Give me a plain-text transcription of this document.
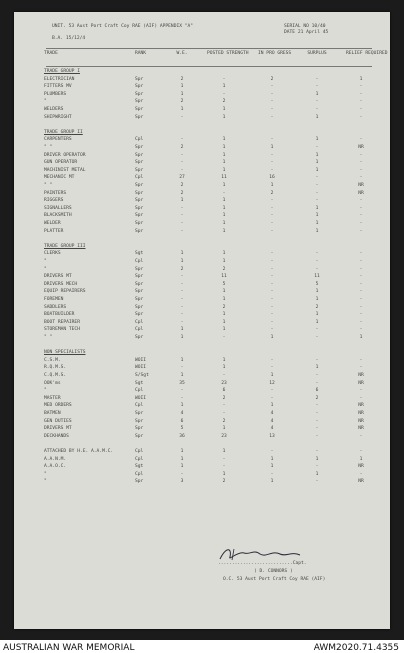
UNIT. 53 Aust Port Craft Coy RAE (AIF) APPENDIX "A"	SERIAL NO 10/40
DATE 21 April 45
B.A. 15/12/4
TRADE	RANK	W.E.	POSTED STRENGTH IN PRO GRESS	SURPLUS	RELIEF REQUIRED
TRADE GROUP I
ELECTRICIAN	Spr	2	-	2	-	1
FITTERS MV	Spr	1	1	-	-	-
PLUMBERS	Spr	1	-	-	1	-
"	Spr	2	2	-	-	-
WELDERS	Spr	1	1	-	-	-
SHIPWRIGHT	Spr	-	1	-	1	-
TRADE GROUP II
CARPENTERS	Cpl	-	1	-	1	-
" "	Spr	2	1	1	-	NR
DRIVER OPERATOR	Spr	-	1	-	1	-
GUN OPERATOR	Spr	-	1	-	1	-
MACHINIST METAL	Spr	-	1	-	1	-
MECHANIC MT	Cpl	27	11	16	-	-
" "	Spr	2	1	1	-	NR
PAINTERS	Spr	2	-	2	-	NR
RIGGERS	Spr	1	1	-	-	-
SIGNALLERS	Spr	-	1	-	1	-
BLACKSMITH	Spr	-	1	-	1	-
WELDER	Spr	-	1	-	1	-
PLATTER	Spr	-	1	-	1	-
TRADE GROUP III
CLERKS	Sgt	1	1	-	-	-
"	Cpl	1	1	-	-	-
"	Spr	2	2	-	-	-
DRIVERS MT	Spr	-	11	-	11	-
DRIVERS MECH	Spr	-	5	-	5	-
EQUIP REPAIRERS	Spr	-	1	-	1	-
FOREMEN	Spr	-	1	-	1	-
SADDLERS	Spr	-	2	-	2	-
BOATBUILDER	Spr	-	1	-	1	-
BOOT REPAIRER	Cpl	-	1	-	1	-
STOREMAN TECH	Cpl	1	1	-	-	-
" "	Spr	1	-	1	-	1
NON SPECIALISTS
C.S.M.	WOII	1	1	-	-	-
R.Q.M.S.	WOII	-	1	-	1	-
C.Q.M.S.	S/Sgt	1	-	1	-	NR
OOK'ms	Sgt	35	23	12	-	NR
"	Cpl	-	6	-	6	-
MASTER	WOII	-	2	-	2	-
MED ORDERS	Cpl	1	-	1	-	NR
BATMEN	Spr	4	-	4	-	NR
GEN DUTIES	Spr	6	2	4	-	NR
DRIVERS MT	Spr	5	1	4	-	NR
DECKHANDS	Spr	36	23	13	-	-
ATTACHED BY H.E. A.A.M.C.	Cpl	1	1	-	-	-
A.A.N.M.	Cpl	1	-	1	1	1
A.A.O.C.	Sgt	1	-	1	-	NR
"	Cpl	-	1	-	1	-
"	Spr	3	2	1	-	NR
...........................Capt.
( D. CONNORS )
O.C. 53 Aust Port Craft Coy RAE (AIF)
AUSTRALIAN WAR MEMORIAL	AWM2020.71.4355
